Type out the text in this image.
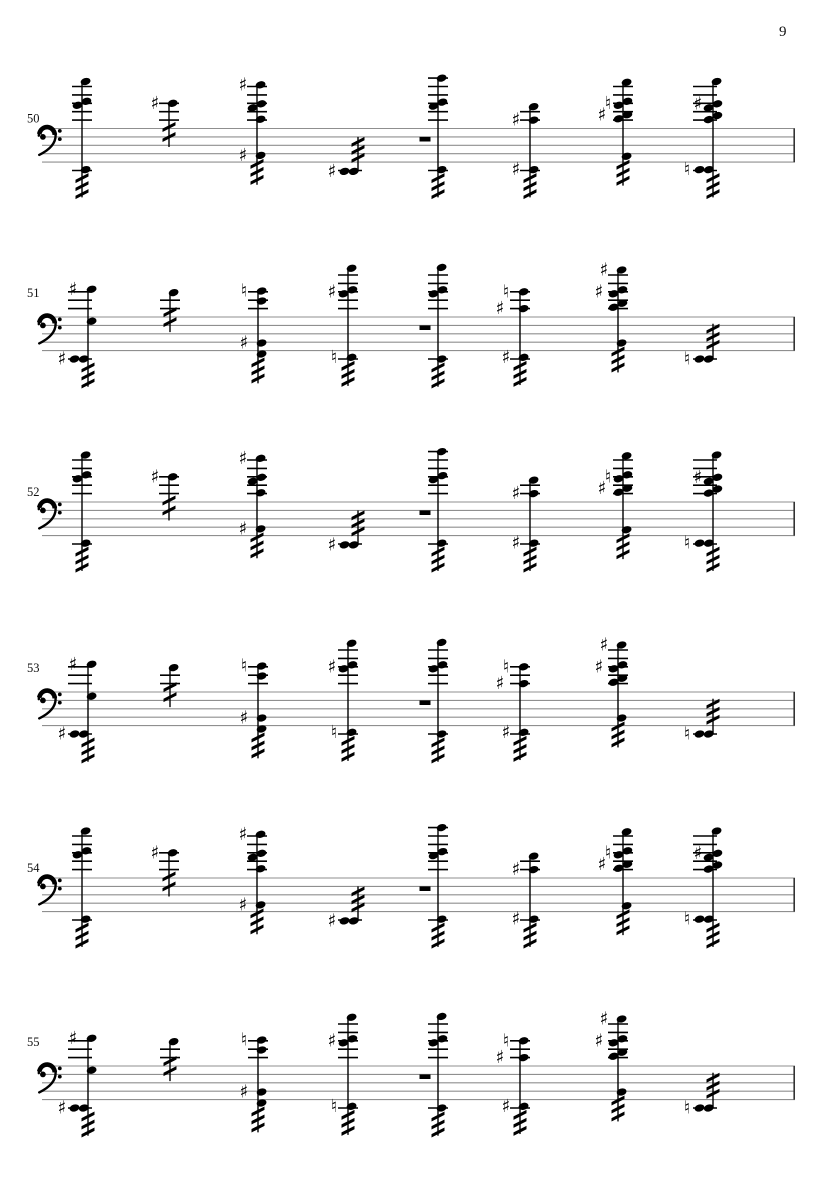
9
50
♯
♯
♯
♯
♯
♯
♮
♯
♯
♮
51 ♯
♯
♮
♯
♯
♮
♮
♯
♯
♯
♯
♮
52
♯
♯
♯
♯
♯
♯
♮
♯
♯
♮
53 ♯
♯
♮
♯
♯
♮
♮
♯
♯
♯
♯
♮
54
♯
♯
♯
♯
♯
♯
♮
♯
♯
♮
55 ♯
♯
♮
♯
♯
♮
♮
♯
♯
♯
♯
♮
